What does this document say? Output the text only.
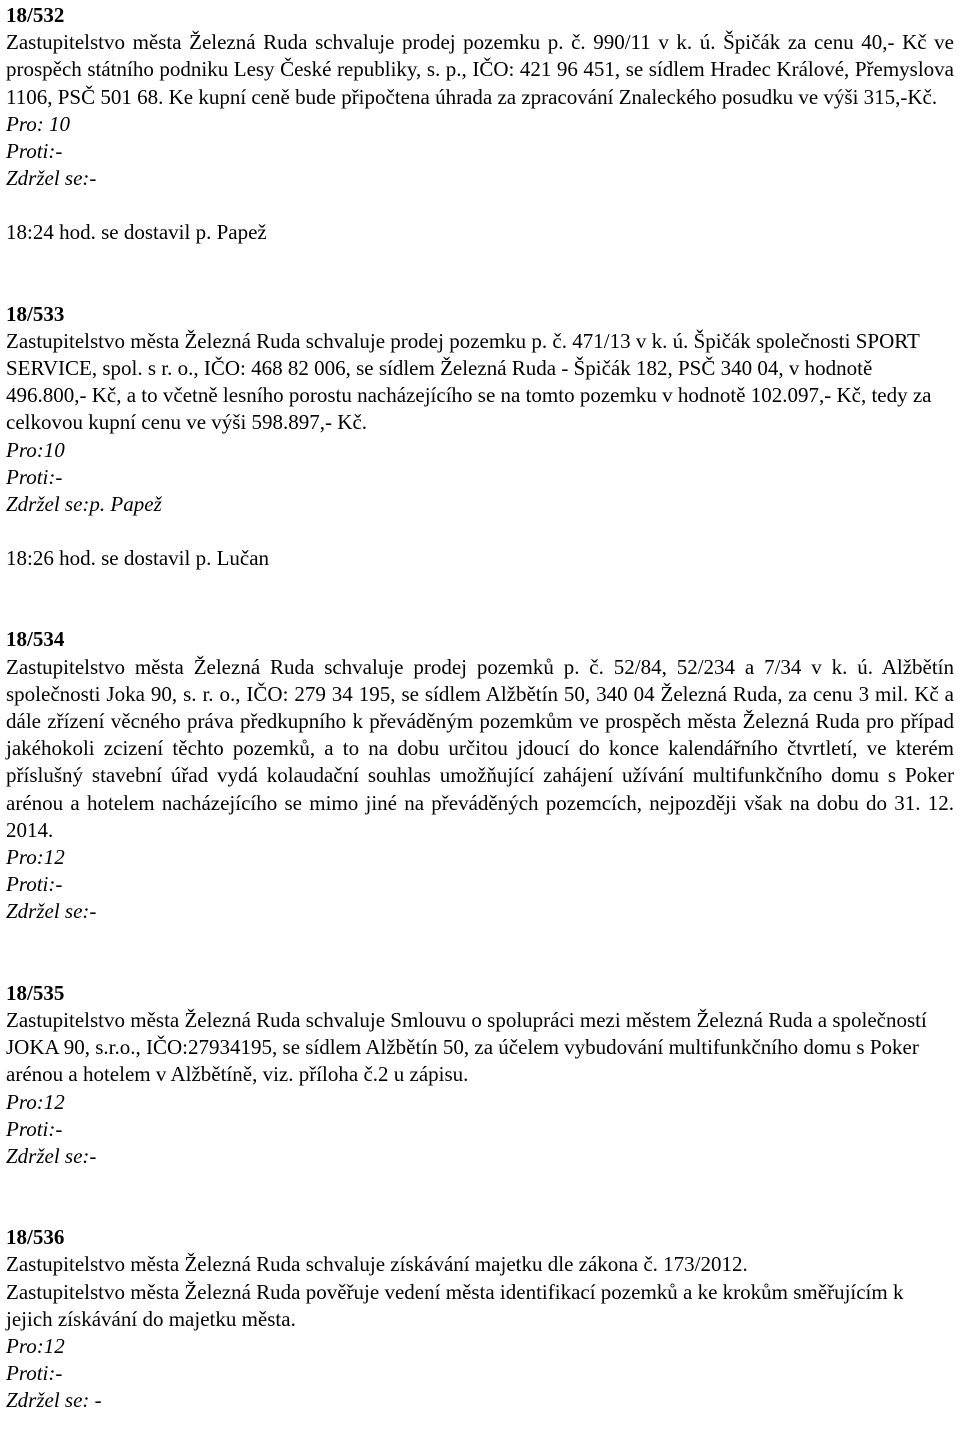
18/532
Zastupitelstvo města Železná Ruda schvaluje prodej pozemku p. č. 990/11 v k. ú. Špičák za cenu 40,- Kč ve prospěch státního podniku Lesy České republiky, s. p., IČO: 421 96 451, se sídlem Hradec Králové, Přemyslova 1106, PSČ 501 68. Ke kupní ceně bude připočtena úhrada za zpracování Znaleckého posudku ve výši 315,-Kč.
Pro: 10
Proti:-
Zdržel se:-
18:24 hod. se dostavil p. Papež
18/533
Zastupitelstvo města Železná Ruda schvaluje prodej pozemku p. č. 471/13 v k. ú. Špičák společnosti SPORT SERVICE, spol. s r. o., IČO: 468 82 006, se sídlem Železná Ruda - Špičák 182, PSČ 340 04, v hodnotě 496.800,- Kč, a to včetně lesního porostu nacházejícího se na tomto pozemku v hodnotě 102.097,- Kč, tedy za celkovou kupní cenu ve výši 598.897,- Kč.
Pro:10
Proti:-
Zdržel se:p. Papež
18:26 hod. se dostavil p. Lučan
18/534
Zastupitelstvo města Železná Ruda schvaluje prodej pozemků p. č. 52/84, 52/234 a 7/34 v k. ú. Alžbětín společnosti Joka 90, s. r. o., IČO: 279 34 195, se sídlem Alžbětín 50, 340 04 Železná Ruda, za cenu 3 mil. Kč a dále zřízení věcného práva předkupního k převáděným pozemkům ve prospěch města Železná Ruda pro případ jakéhokoli zcizení těchto pozemků, a to na dobu určitou jdoucí do konce kalendářního čtvrtletí, ve kterém příslušný stavební úřad vydá kolaudační souhlas umožňující zahájení užívání multifunkčního domu s Poker arénou a hotelem nacházejícího se mimo jiné na převáděných pozemcích, nejpozději však na dobu do 31. 12. 2014.
Pro:12
Proti:-
Zdržel se:-
18/535
Zastupitelstvo města Železná Ruda schvaluje Smlouvu o spolupráci mezi městem Železná Ruda a společností JOKA 90, s.r.o., IČO:27934195, se sídlem Alžbětín 50, za účelem vybudování multifunkčního domu s Poker arénou a hotelem v Alžbětíně, viz. příloha č.2 u zápisu.
Pro:12
Proti:-
Zdržel se:-
18/536
Zastupitelstvo města Železná Ruda schvaluje získávání majetku dle zákona č. 173/2012.
Zastupitelstvo města Železná Ruda pověřuje vedení města identifikací pozemků a ke krokům směřujícím k jejich získávání do majetku města.
Pro:12
Proti:-
Zdržel se: -
